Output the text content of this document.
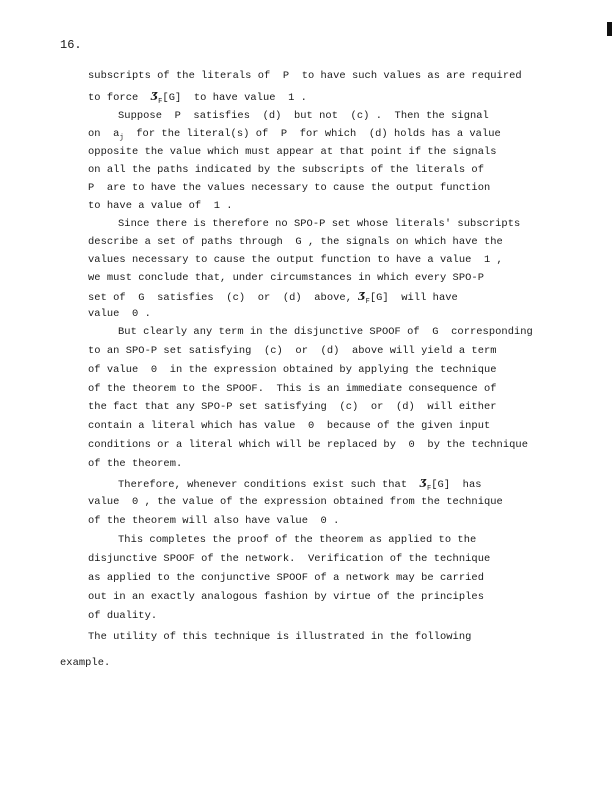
16.
subscripts of the literals of  P  to have such values as are required
to force  $Ʒ_F[G]$  to have value  1 .
Suppose  P  satisfies  (d)  but not  (c) .  Then the signal
on  $a_j$  for the literal(s) of  P  for which  (d) holds has a value
opposite the value which must appear at that point if the signals
on all the paths indicated by the subscripts of the literals of
P  are to have the values necessary to cause the output function
to have a value of  1 .
Since there is therefore no SPO-P set whose literals' subscripts
describe a set of paths through  G , the signals on which have the
values necessary to cause the output function to have a value  1 ,
we must conclude that, under circumstances in which every SPO-P
set of  G  satisfies  (c)  or  (d)  above, $Ʒ_F[G]$  will have
value  0 .
But clearly any term in the disjunctive SPOOF of  G  corresponding
to an SPO-P set satisfying  (c)  or  (d)  above will yield a term
of value  0  in the expression obtained by applying the technique
of the theorem to the SPOOF.  This is an immediate consequence of
the fact that any SPO-P set satisfying  (c)  or  (d)  will either
contain a literal which has value  0  because of the given input
conditions or a literal which will be replaced by  0  by the technique
of the theorem.
Therefore, whenever conditions exist such that  $Ʒ_F[G]$  has
value  0 , the value of the expression obtained from the technique
of the theorem will also have value  0 .
This completes the proof of the theorem as applied to the
disjunctive SPOOF of the network.  Verification of the technique
as applied to the conjunctive SPOOF of a network may be carried
out in an exactly analogous fashion by virtue of the principles
of duality.
The utility of this technique is illustrated in the following
example.
